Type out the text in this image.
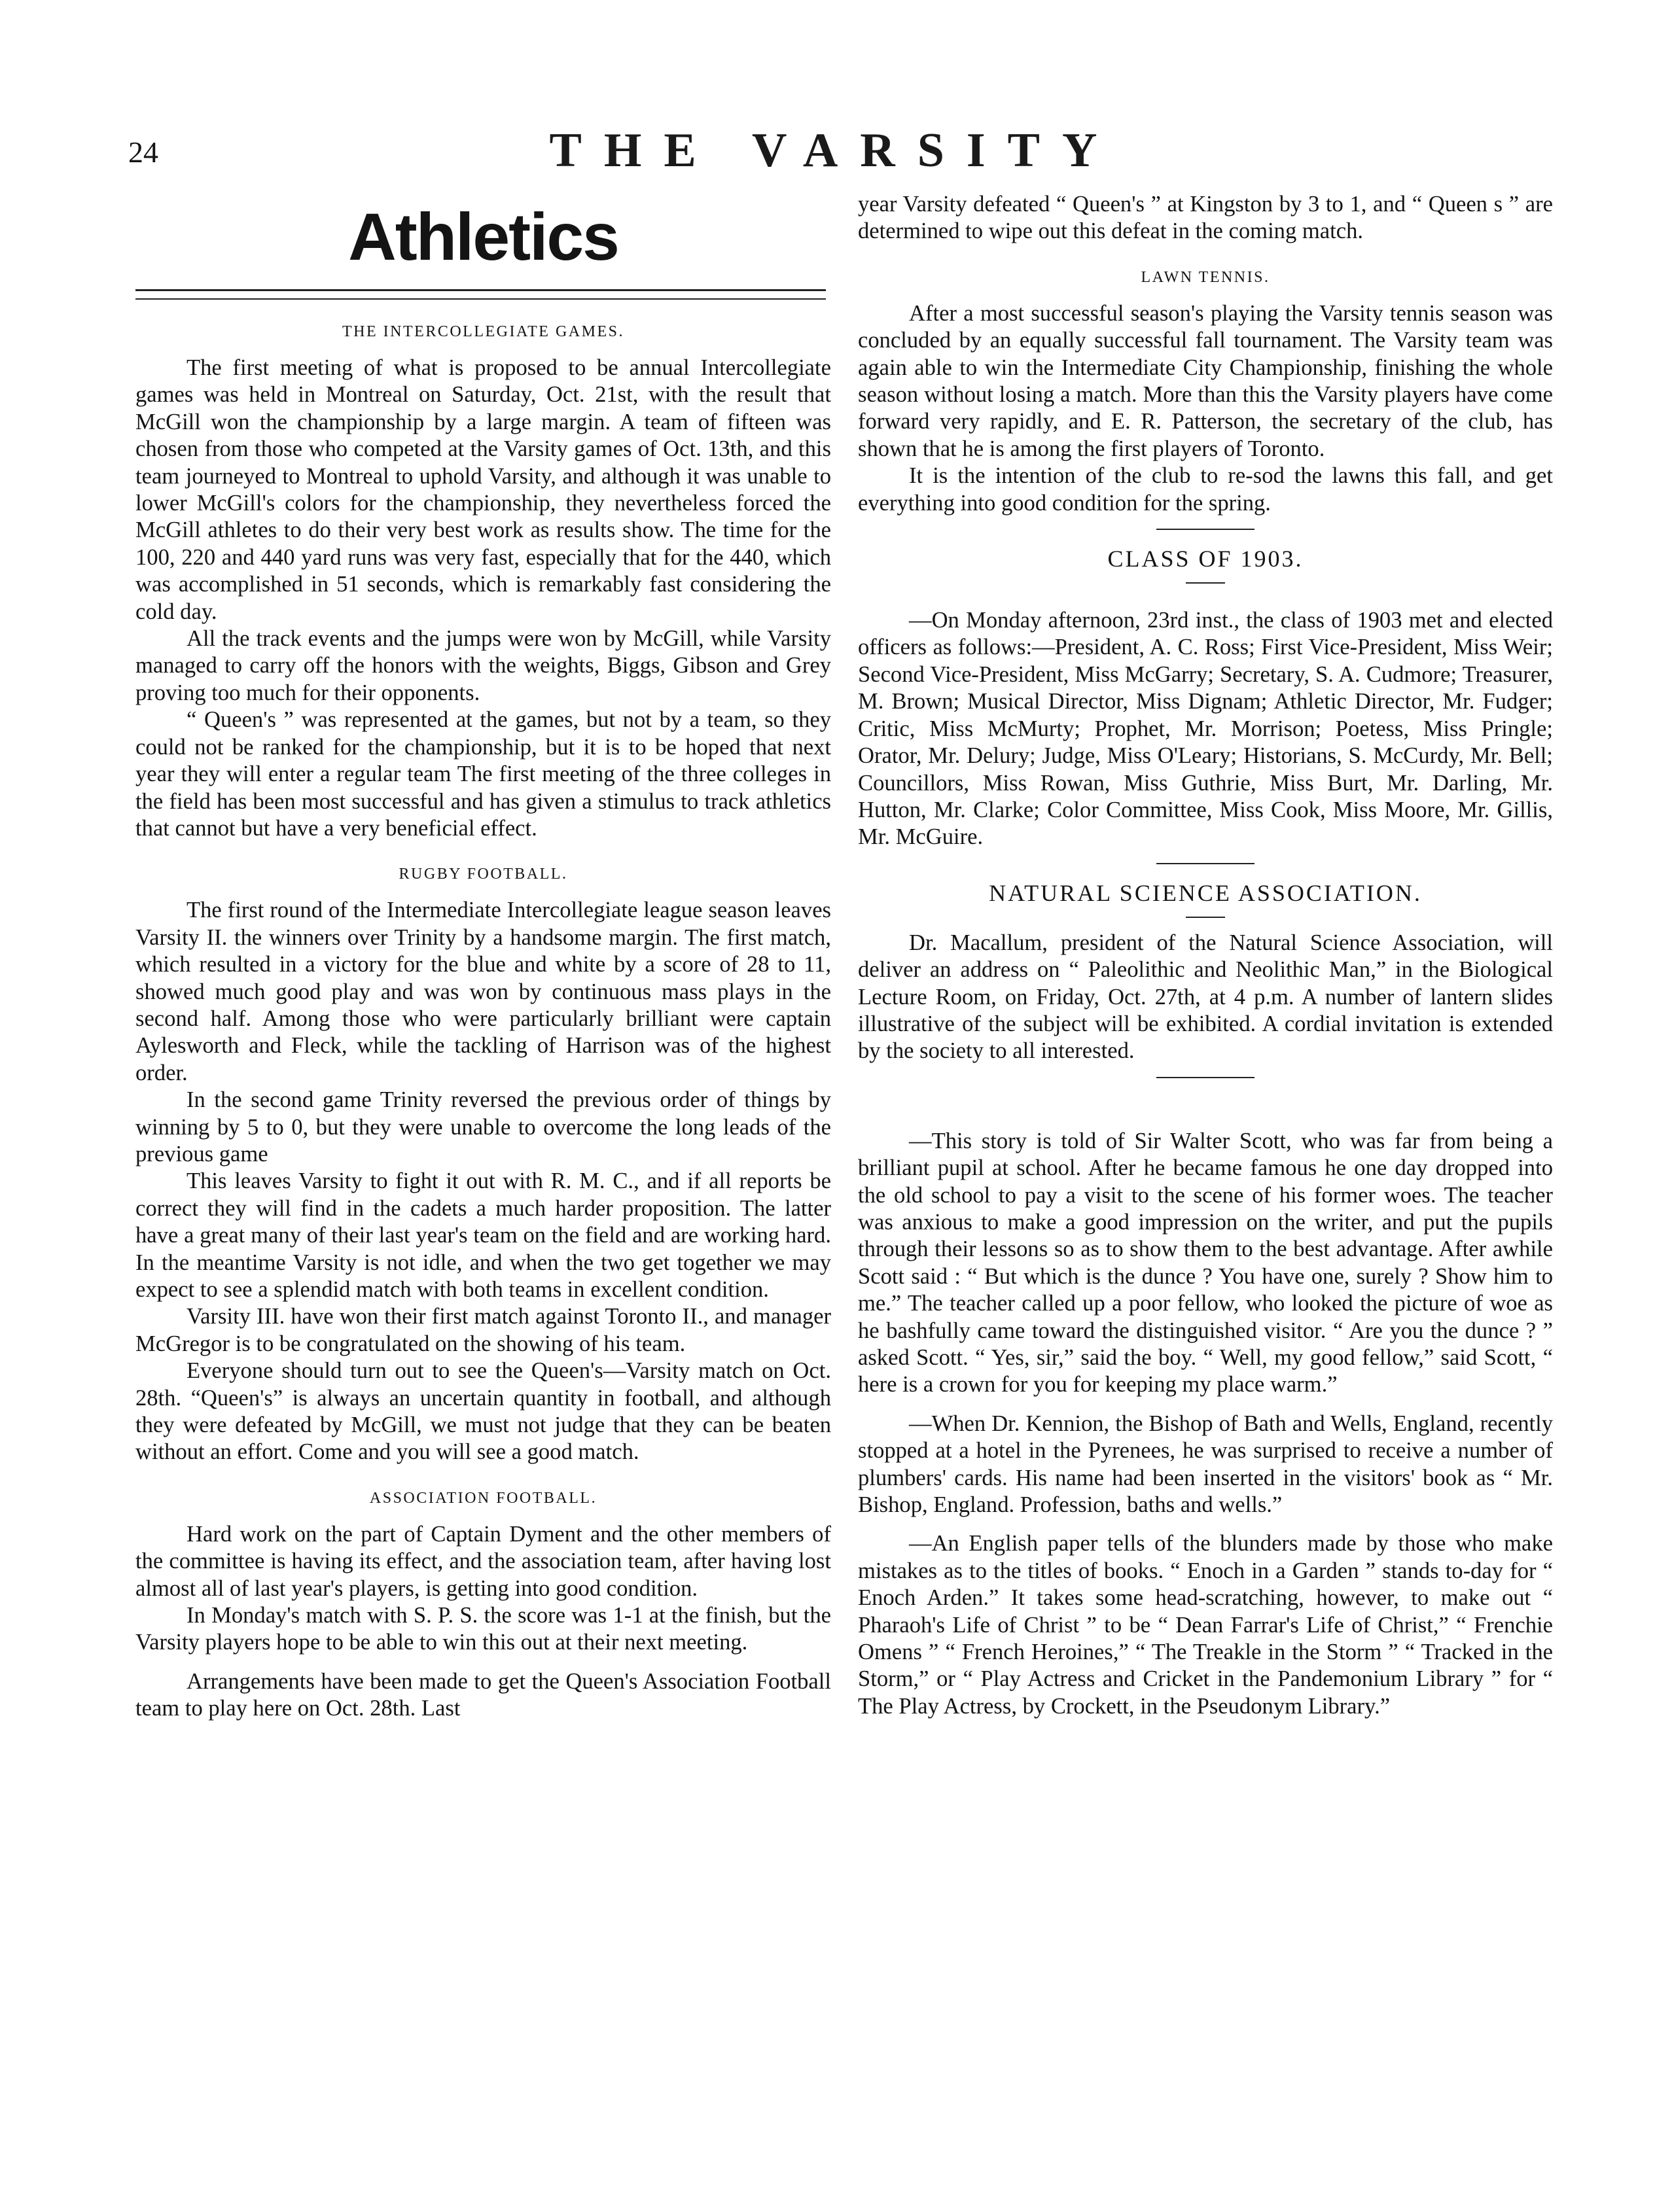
24	THE VARSITY
Athletics
THE INTERCOLLEGIATE GAMES.

The first meeting of what is proposed to be annual Intercollegiate games was held in Montreal on Saturday, Oct. 21st, with the result that McGill won the championship by a large margin. A team of fifteen was chosen from those who competed at the Varsity games of Oct. 13th, and this team journeyed to Montreal to uphold Varsity, and although it was unable to lower McGill's colors for the championship, they nevertheless forced the McGill athletes to do their very best work as results show. The time for the 100, 220 and 440 yard runs was very fast, especially that for the 440, which was accomplished in 51 seconds, which is remarkably fast considering the cold day.

All the track events and the jumps were won by McGill, while Varsity managed to carry off the honors with the weights, Biggs, Gibson and Grey proving too much for their opponents.

“ Queen's ” was represented at the games, but not by a team, so they could not be ranked for the championship, but it is to be hoped that next year they will enter a regular team The first meeting of the three colleges in the field has been most successful and has given a stimulus to track athletics that cannot but have a very beneficial effect.

RUGBY FOOTBALL.

The first round of the Intermediate Intercollegiate league season leaves Varsity II. the winners over Trinity by a handsome margin. The first match, which resulted in a victory for the blue and white by a score of 28 to 11, showed much good play and was won by continuous mass plays in the second half. Among those who were particularly brilliant were captain Aylesworth and Fleck, while the tackling of Harrison was of the highest order.

In the second game Trinity reversed the previous order of things by winning by 5 to 0, but they were unable to overcome the long leads of the previous game

This leaves Varsity to fight it out with R. M. C., and if all reports be correct they will find in the cadets a much harder proposition. The latter have a great many of their last year's team on the field and are working hard. In the meantime Varsity is not idle, and when the two get together we may expect to see a splendid match with both teams in excellent condition.

Varsity III. have won their first match against Toronto II., and manager McGregor is to be congratulated on the showing of his team.

Everyone should turn out to see the Queen's—Varsity match on Oct. 28th. “Queen's” is always an uncertain quantity in football, and although they were defeated by McGill, we must not judge that they can be beaten without an effort. Come and you will see a good match.

ASSOCIATION FOOTBALL.

Hard work on the part of Captain Dyment and the other members of the committee is having its effect, and the association team, after having lost almost all of last year's players, is getting into good condition.

In Monday's match with S. P. S. the score was 1-1 at the finish, but the Varsity players hope to be able to win this out at their next meeting.

Arrangements have been made to get the Queen's Association Football team to play here on Oct. 28th. Last

year Varsity defeated “ Queen's ” at Kingston by 3 to 1, and “ Queen s ” are determined to wipe out this defeat in the coming match.

LAWN TENNIS.

After a most successful season's playing the Varsity tennis season was concluded by an equally successful fall tournament. The Varsity team was again able to win the Intermediate City Championship, finishing the whole season without losing a match. More than this the Varsity players have come forward very rapidly, and E. R. Patterson, the secretary of the club, has shown that he is among the first players of Toronto.

It is the intention of the club to re-sod the lawns this fall, and get everything into good condition for the spring.

CLASS OF 1903.

—On Monday afternoon, 23rd inst., the class of 1903 met and elected officers as follows:—President, A. C. Ross; First Vice-President, Miss Weir; Second Vice-President, Miss McGarry; Secretary, S. A. Cudmore; Treasurer, M. Brown; Musical Director, Miss Dignam; Athletic Director, Mr. Fudger; Critic, Miss McMurty; Prophet, Mr. Morrison; Poetess, Miss Pringle; Orator, Mr. Delury; Judge, Miss O'Leary; Historians, S. McCurdy, Mr. Bell; Councillors, Miss Rowan, Miss Guthrie, Miss Burt, Mr. Darling, Mr. Hutton, Mr. Clarke; Color Committee, Miss Cook, Miss Moore, Mr. Gillis, Mr. McGuire.

NATURAL SCIENCE ASSOCIATION.

Dr. Macallum, president of the Natural Science Association, will deliver an address on “ Paleolithic and Neolithic Man,” in the Biological Lecture Room, on Friday, Oct. 27th, at 4 p.m. A number of lantern slides illustrative of the subject will be exhibited. A cordial invitation is extended by the society to all interested.

—This story is told of Sir Walter Scott, who was far from being a brilliant pupil at school. After he became famous he one day dropped into the old school to pay a visit to the scene of his former woes. The teacher was anxious to make a good impression on the writer, and put the pupils through their lessons so as to show them to the best advantage. After awhile Scott said : “ But which is the dunce ? You have one, surely ? Show him to me.” The teacher called up a poor fellow, who looked the picture of woe as he bashfully came toward the distinguished visitor. “ Are you the dunce ? ” asked Scott. “ Yes, sir,” said the boy. “ Well, my good fellow,” said Scott, “ here is a crown for you for keeping my place warm.”

—When Dr. Kennion, the Bishop of Bath and Wells, England, recently stopped at a hotel in the Pyrenees, he was surprised to receive a number of plumbers' cards. His name had been inserted in the visitors' book as “ Mr. Bishop, England. Profession, baths and wells.”

—An English paper tells of the blunders made by those who make mistakes as to the titles of books. “ Enoch in a Garden ” stands to-day for “ Enoch Arden.” It takes some head-scratching, however, to make out “ Pharaoh's Life of Christ ” to be “ Dean Farrar's Life of Christ,” “ Frenchie Omens ” “ French Heroines,” “ The Treakle in the Storm ” “ Tracked in the Storm,” or “ Play Actress and Cricket in the Pandemonium Library ” for “ The Play Actress, by Crockett, in the Pseudonym Library.”
